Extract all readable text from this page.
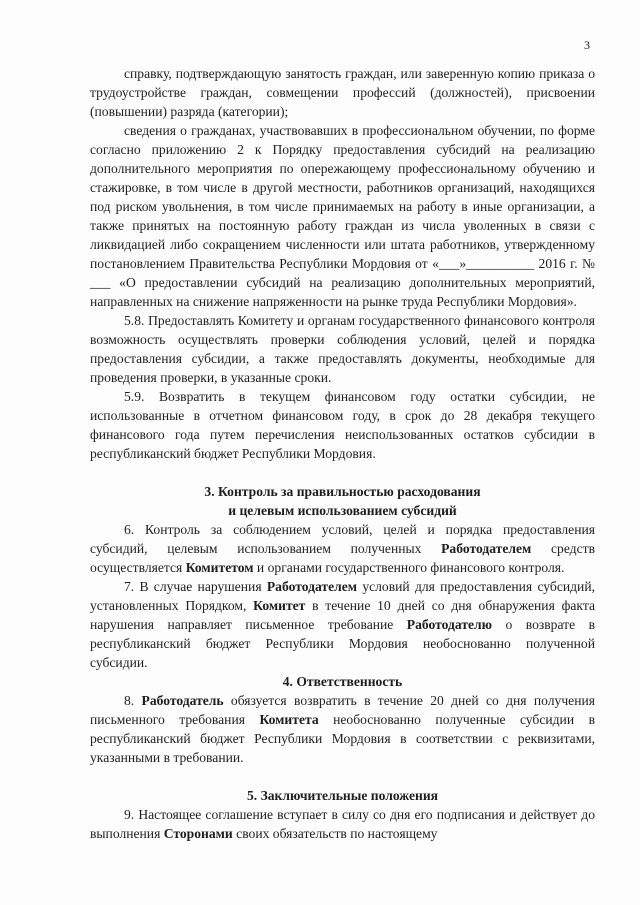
3

справку, подтверждающую занятость граждан, или заверенную копию приказа о трудоустройстве граждан, совмещении профессий (должностей), присвоении (повышении) разряда (категории);

сведения о гражданах, участвовавших в профессиональном обучении, по форме согласно приложению 2 к Порядку предоставления субсидий на реализацию дополнительного мероприятия по опережающему профессиональному обучению и стажировке, в том числе в другой местности, работников организаций, находящихся под риском увольнения, в том числе принимаемых на работу в иные организации, а также принятых на постоянную работу граждан из числа уволенных в связи с ликвидацией либо сокращением численности или штата работников, утвержденному постановлением Правительства Республики Мордовия от «___»__________ 2016 г. № ___ «О предоставлении субсидий на реализацию дополнительных мероприятий, направленных на снижение напряженности на рынке труда Республики Мордовия».

5.8. Предоставлять Комитету и органам государственного финансового контроля возможность осуществлять проверки соблюдения условий, целей и порядка предоставления субсидии, а также предоставлять документы, необходимые для проведения проверки, в указанные сроки.

5.9. Возвратить в текущем финансовом году остатки субсидии, не использованные в отчетном финансовом году, в срок до 28 декабря текущего финансового года путем перечисления неиспользованных остатков субсидии в республиканский бюджет Республики Мордовия.

3. Контроль за правильностью расходования
и целевым использованием субсидий

6. Контроль за соблюдением условий, целей и порядка предоставления субсидий, целевым использованием полученных Работодателем средств осуществляется Комитетом и органами государственного финансового контроля.

7. В случае нарушения Работодателем условий для предоставления субсидий, установленных Порядком, Комитет в течение 10 дней со дня обнаружения факта нарушения направляет письменное требование Работодателю о возврате в республиканский бюджет Республики Мордовия необоснованно полученной субсидии.

4. Ответственность

8. Работодатель обязуется возвратить в течение 20 дней со дня получения письменного требования Комитета необоснованно полученные субсидии в республиканский бюджет Республики Мордовия в соответствии с реквизитами, указанными в требовании.

5. Заключительные положения

9. Настоящее соглашение вступает в силу со дня его подписания и действует до выполнения Сторонами своих обязательств по настоящему
